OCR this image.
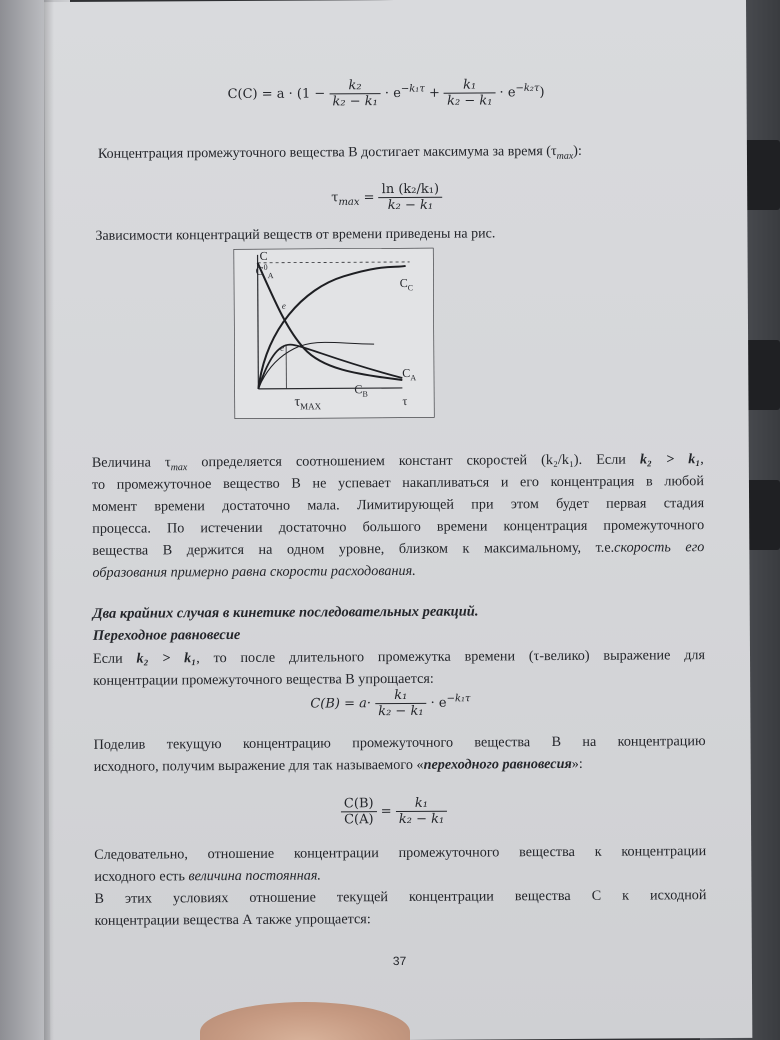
$C(C) = a \cdot (1 - \frac{\text{k₂}}{\text{k₂ − k₁}} \cdot e^{-k_1\tau} + \frac{\text{k₁}}{\text{k₂ − k₁}} \cdot e^{-k_2\tau})$
Концентрация промежуточного вещества В достигает максимума за время $(\tau_{max})$:
$\tau_{max} = \frac{\text{ln (k₂/k₁)}}{\text{k₂ − k₁}}$
Зависимости концентраций веществ от времени приведены на рис.
C
$C^0_A$
e
e
$C_C$
$C_A$
$C_B$
$\tau_{MAX}$	τ
Величина $\tau_{max}$ определяется соотношением констант скоростей (k₂/k₁). Если k₂ > k₁,
то промежуточное вещество В не успевает накапливаться и его концентрация в любой
момент времени достаточно мала. Лимитирующей при этом будет первая стадия
процесса. По истечении достаточно большого времени концентрация промежуточного
вещества В держится на одном уровне, близком к максимальному, т.е.скорость его
образования примерно равна скорости расходования.
Два крайних случая в кинетике последовательных реакций.
Переходное равновесие
Если k₂ > k₁, то после длительного промежутка времени (τ-велико) выражение для
концентрации промежуточного вещества В упрощается:
$C(B) = a\cdot \frac{\text{k₁}}{\text{k₂ − k₁}} \cdot e^{-k_1\tau}$
Поделив текущую концентрацию промежуточного вещества В на концентрацию
исходного, получим выражение для так называемого «переходного равновесия»:
$\frac{C(B)}{C(A)} = \frac{\text{k₁}}{\text{k₂ − k₁}}$
Следовательно, отношение концентрации промежуточного вещества к концентрации
исходного есть величина постоянная.
В этих условиях отношение текущей концентрации вещества С к исходной
концентрации вещества А также упрощается:
37
